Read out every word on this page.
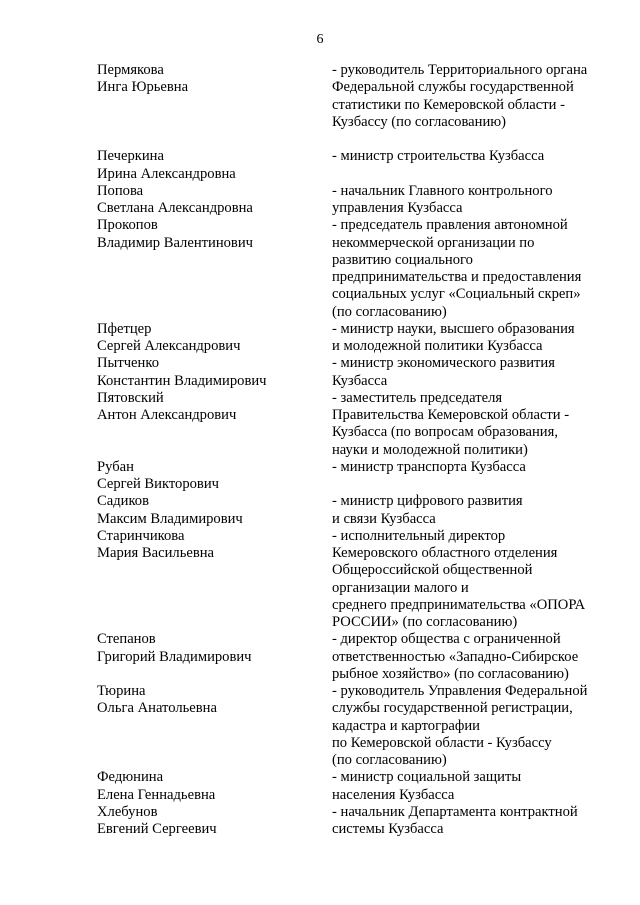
6
Пермякова
Инга Юрьевна
- руководитель Территориального органа
Федеральной службы государственной
статистики по Кемеровской области -
Кузбассу (по согласованию)
Печеркина
Ирина Александровна
- министр строительства Кузбасса
Попова
Светлана Александровна
- начальник Главного контрольного
управления Кузбасса
Прокопов
Владимир Валентинович
- председатель правления автономной
некоммерческой организации по
развитию социального
предпринимательства и предоставления
социальных услуг «Социальный скреп»
(по согласованию)
Пфетцер
Сергей Александрович
- министр науки, высшего образования
и молодежной политики Кузбасса
Пытченко
Константин Владимирович
- министр экономического развития
Кузбасса
Пятовский
Антон Александрович
- заместитель председателя
Правительства Кемеровской области -
Кузбасса (по вопросам образования,
науки и молодежной политики)
Рубан
Сергей Викторович
- министр транспорта Кузбасса
Садиков
Максим Владимирович
- министр цифрового развития
и связи Кузбасса
Старинчикова
Мария Васильевна
- исполнительный директор
Кемеровского областного отделения
Общероссийской общественной
организации малого и
среднего предпринимательства «ОПОРА
РОССИИ» (по согласованию)
Степанов
Григорий Владимирович
- директор общества с ограниченной
ответственностью «Западно-Сибирское
рыбное хозяйство» (по согласованию)
Тюрина
Ольга Анатольевна
- руководитель Управления Федеральной
службы государственной регистрации,
кадастра и картографии
по Кемеровской области - Кузбассу
(по согласованию)
Федюнина
Елена Геннадьевна
- министр социальной защиты
населения Кузбасса
Хлебунов
Евгений Сергеевич
- начальник Департамента контрактной
системы Кузбасса
